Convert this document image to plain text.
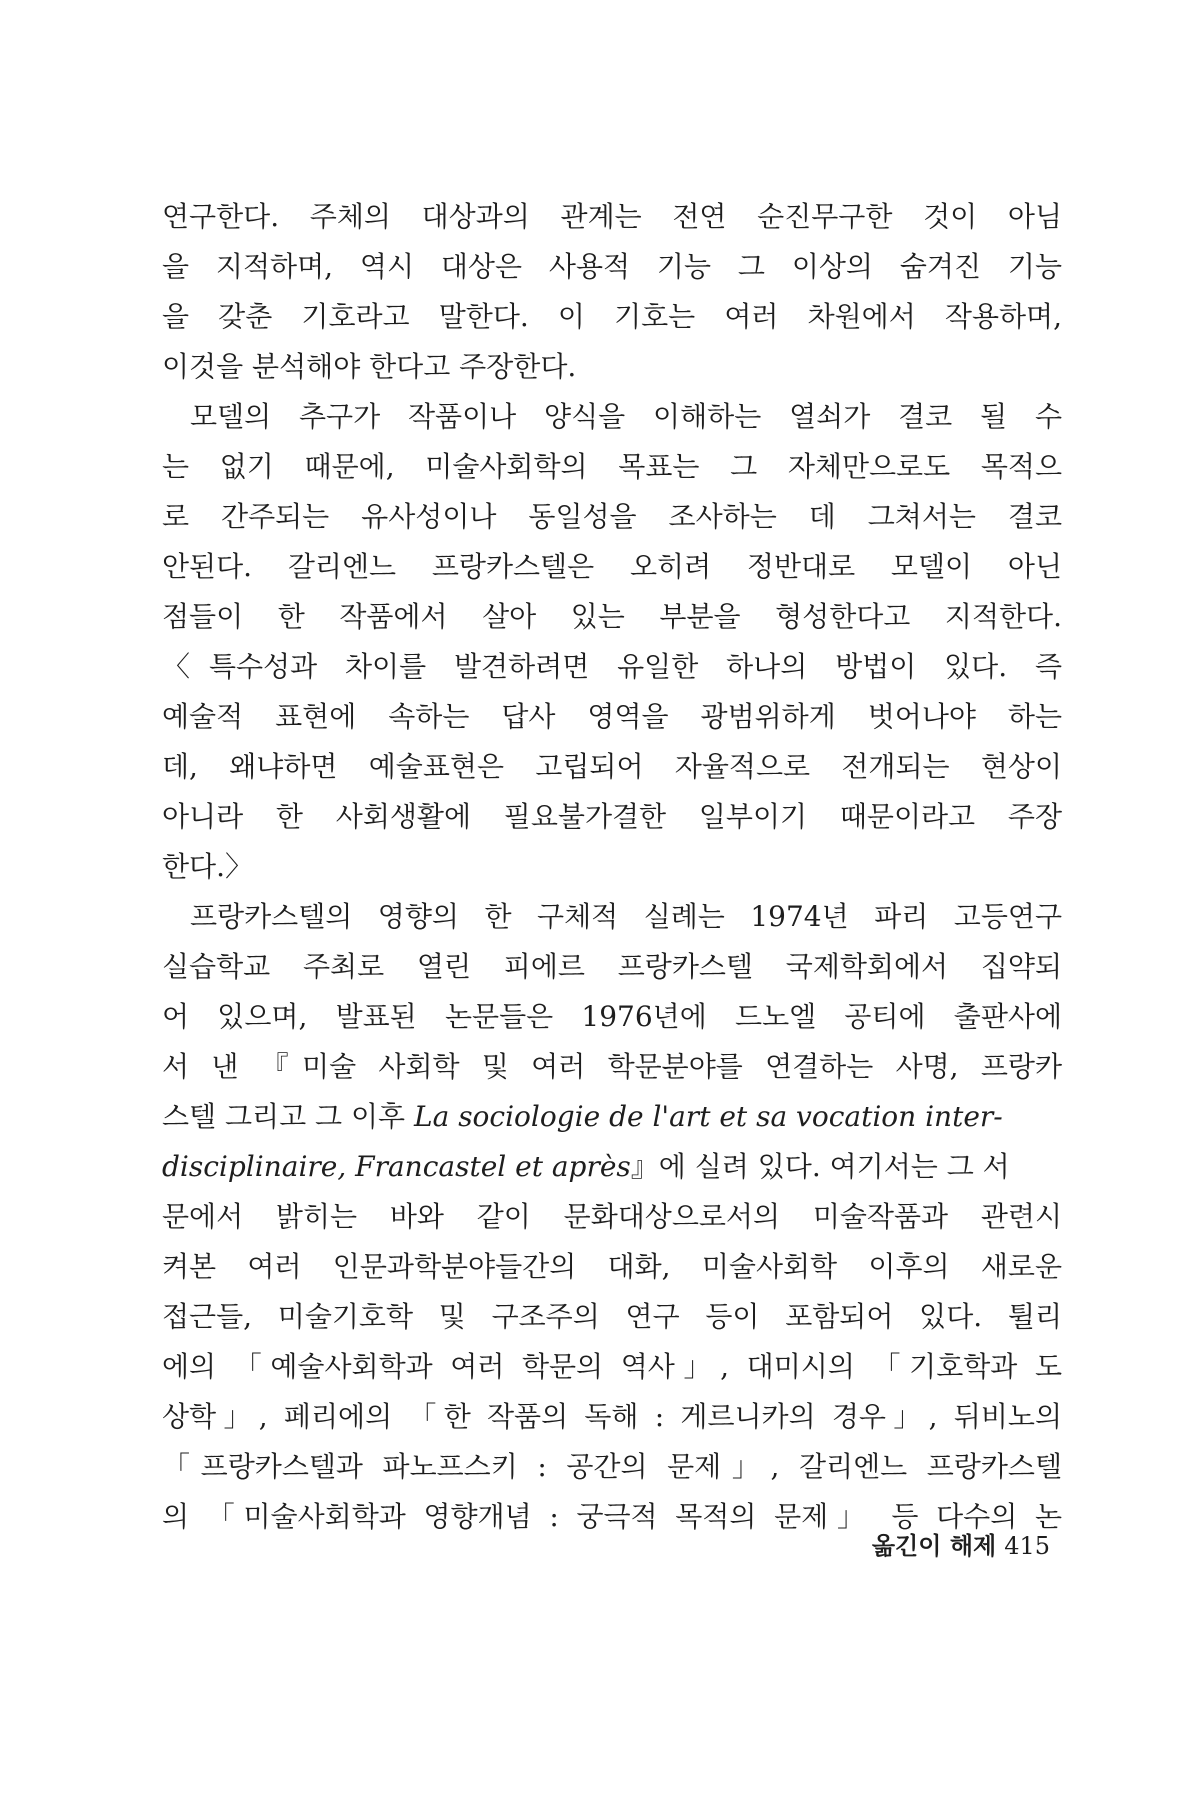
연구한다. 주체의 대상과의 관계는 전연 순진무구한 것이 아님
을 지적하며, 역시 대상은 사용적 기능 그 이상의 숨겨진 기능
을 갖춘 기호라고 말한다. 이 기호는 여러 차원에서 작용하며,
이것을 분석해야 한다고 주장한다.
모델의 추구가 작품이나 양식을 이해하는 열쇠가 결코 될 수
는 없기 때문에, 미술사회학의 목표는 그 자체만으로도 목적으
로 간주되는 유사성이나 동일성을 조사하는 데 그쳐서는 결코
안된다. 갈리엔느 프랑카스텔은 오히려 정반대로 모델이 아닌
점들이 한 작품에서 살아 있는 부분을 형성한다고 지적한다.
〈특수성과 차이를 발견하려면 유일한 하나의 방법이 있다. 즉
예술적 표현에 속하는 답사 영역을 광범위하게 벗어나야 하는
데, 왜냐하면 예술표현은 고립되어 자율적으로 전개되는 현상이
아니라 한 사회생활에 필요불가결한 일부이기 때문이라고 주장
한다.〉
프랑카스텔의 영향의 한 구체적 실례는 1974년 파리 고등연구
실습학교 주최로 열린 피에르 프랑카스텔 국제학회에서 집약되
어 있으며, 발표된 논문들은 1976년에 드노엘 공티에 출판사에
서 낸 『미술 사회학 및 여러 학문분야를 연결하는 사명, 프랑카
스텔 그리고 그 이후 La sociologie de l'art et sa vocation inter-
disciplinaire, Francastel et après』에 실려 있다. 여기서는 그 서
문에서 밝히는 바와 같이 문화대상으로서의 미술작품과 관련시
켜본 여러 인문과학분야들간의 대화, 미술사회학 이후의 새로운
접근들, 미술기호학 및 구조주의 연구 등이 포함되어 있다. 튈리
에의 「예술사회학과 여러 학문의 역사」, 대미시의 「기호학과 도
상학」, 페리에의 「한 작품의 독해 : 게르니카의 경우」, 뒤비노의
「프랑카스텔과 파노프스키 : 공간의 문제」, 갈리엔느 프랑카스텔
의 「미술사회학과 영향개념 : 궁극적 목적의 문제」 등 다수의 논
옮긴이 해제 415
